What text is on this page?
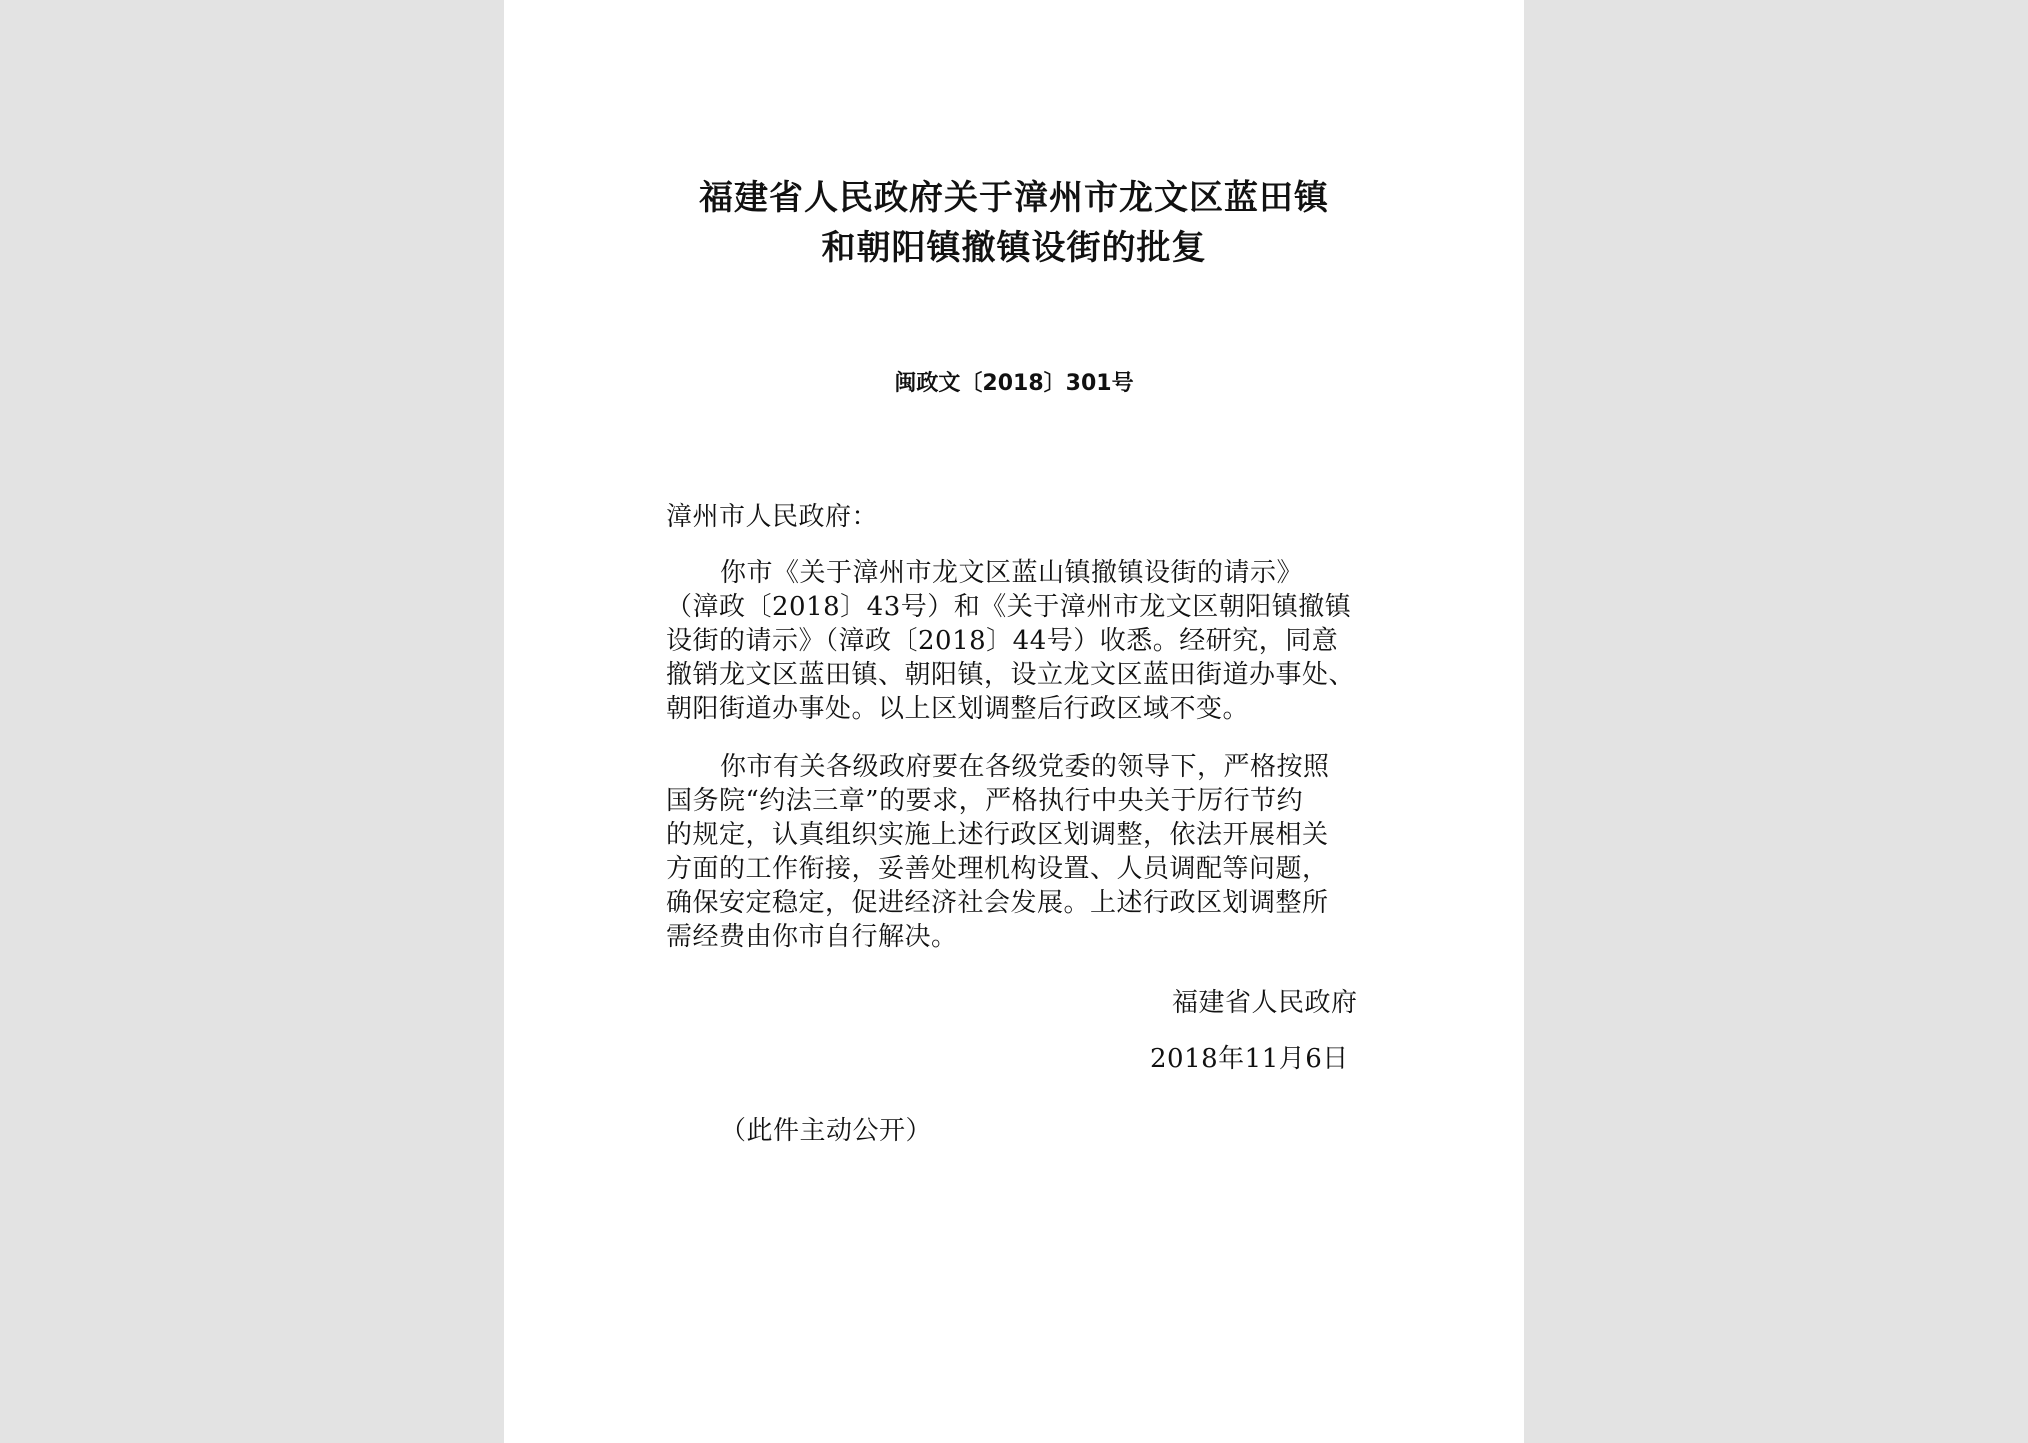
福建省人民政府关于漳州市龙文区蓝田镇
和朝阳镇撤镇设街的批复
闽政文〔2018〕301号
漳州市人民政府：
你市《关于漳州市龙文区蓝山镇撤镇设街的请示》
（漳政〔2018〕43号）和《关于漳州市龙文区朝阳镇撤镇
设街的请示》（漳政〔2018〕44号）收悉。经研究，同意
撤销龙文区蓝田镇、朝阳镇，设立龙文区蓝田街道办事处、
朝阳街道办事处。以上区划调整后行政区域不变。
你市有关各级政府要在各级党委的领导下，严格按照
国务院“约法三章”的要求，严格执行中央关于厉行节约
的规定，认真组织实施上述行政区划调整，依法开展相关
方面的工作衔接，妥善处理机构设置、人员调配等问题，
确保安定稳定，促进经济社会发展。上述行政区划调整所
需经费由你市自行解决。
福建省人民政府
2018年11月6日
（此件主动公开）
